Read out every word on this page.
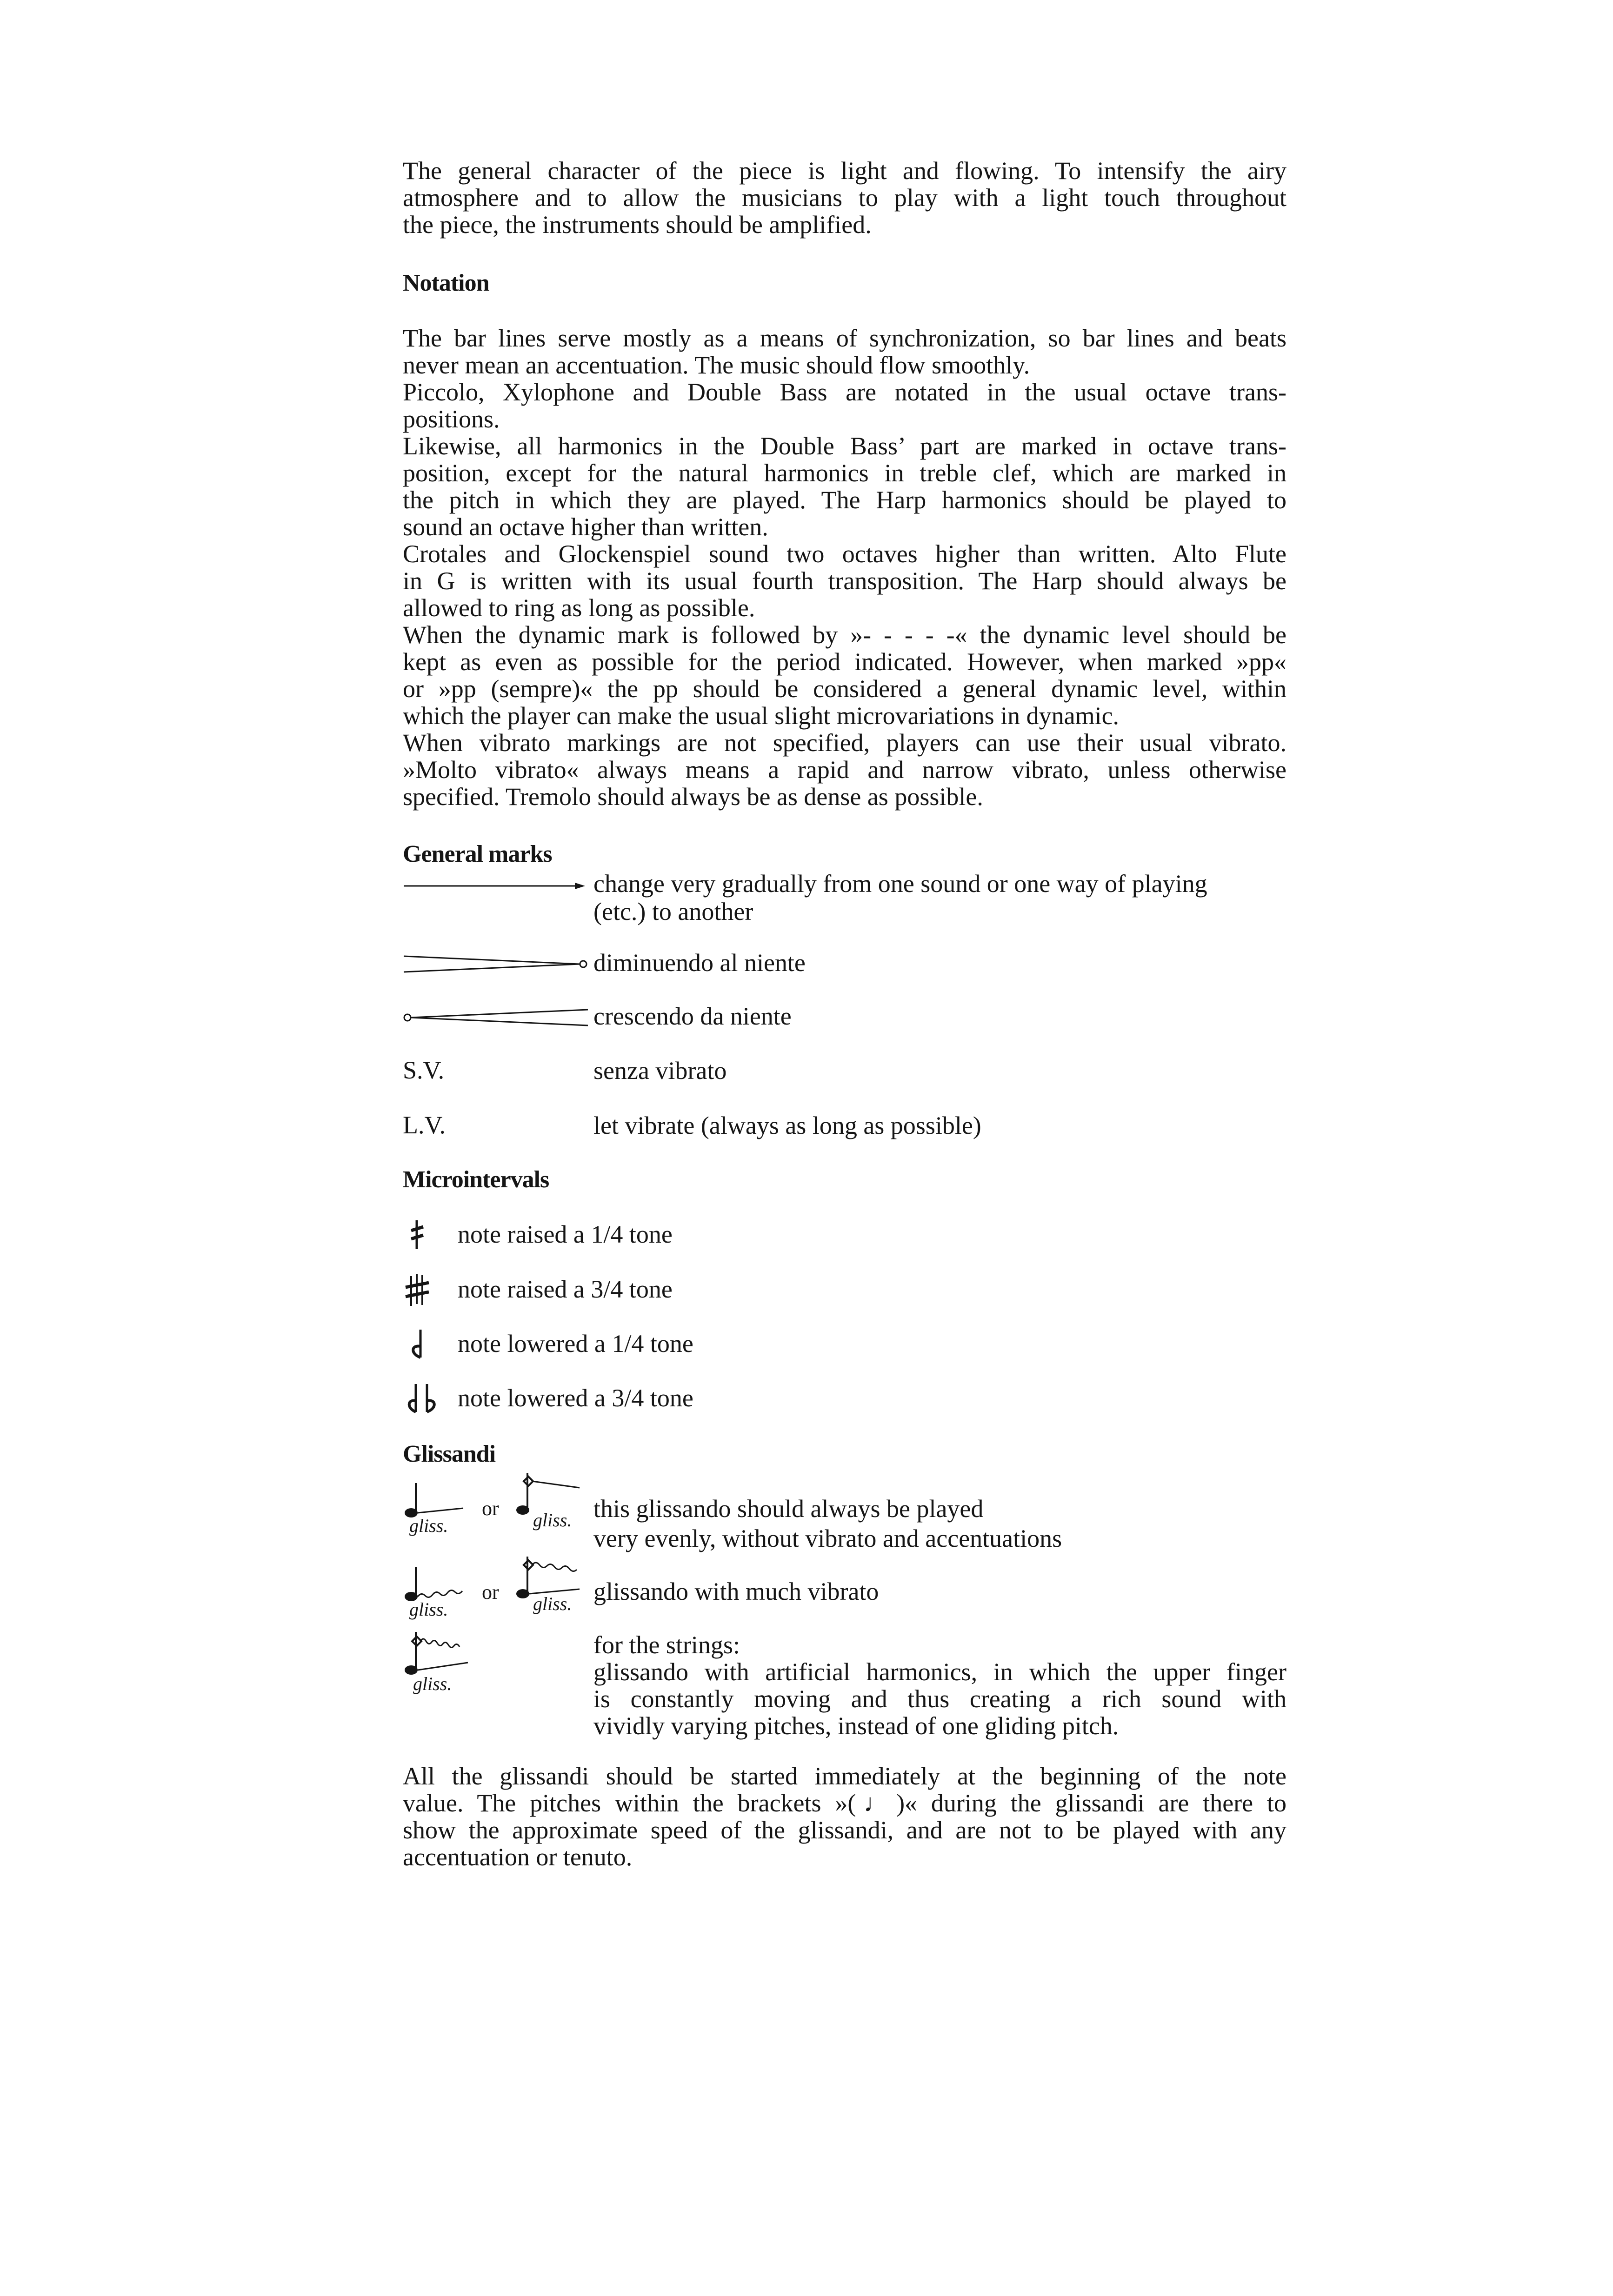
The general character of the piece is light and flowing. To intensify the airy
atmosphere and to allow the musicians to play with a light touch throughout
the piece, the instruments should be amplified.
Notation
The bar lines serve mostly as a means of synchronization, so bar lines and beats
never mean an accentuation. The music should flow smoothly.
Piccolo, Xylophone and Double Bass are notated in the usual octave trans-
positions.
Likewise, all harmonics in the Double Bass’ part are marked in octave trans-
position, except for the natural harmonics in treble clef, which are marked in
the pitch in which they are played. The Harp harmonics should be played to
sound an octave higher than written.
Crotales and Glockenspiel sound two octaves higher than written. Alto Flute
in G is written with its usual fourth transposition. The Harp should always be
allowed to ring as long as possible.
When the dynamic mark is followed by »- - - - -« the dynamic level should be
kept as even as possible for the period indicated. However, when marked »pp«
or »pp (sempre)« the pp should be considered a general dynamic level, within
which the player can make the usual slight microvariations in dynamic.
When vibrato markings are not specified, players can use their usual vibrato.
»Molto vibrato« always means a rapid and narrow vibrato, unless otherwise
specified. Tremolo should always be as dense as possible.
General marks
change very gradually from one sound or one way of playing
(etc.) to another
diminuendo al niente
crescendo da niente
S.V.	senza vibrato
L.V.	let vibrate (always as long as possible)
Microintervals
note raised a 1/4 tone
note raised a 3/4 tone
note lowered a 1/4 tone
note lowered a 3/4 tone
Glissandi
gliss.
or
gliss. this glissando should always be played
very evenly, without vibrato and accentuations
gliss.
or
gliss. glissando with much vibrato
gliss.
for the strings:
glissando with artificial harmonics, in which the upper finger
is constantly moving and thus creating a rich sound with
vividly varying pitches, instead of one gliding pitch.
All the glissandi should be started immediately at the beginning of the note
value. The pitches within the brackets »(♩)« during the glissandi are there to
show the approximate speed of the glissandi, and are not to be played with any
accentuation or tenuto.
